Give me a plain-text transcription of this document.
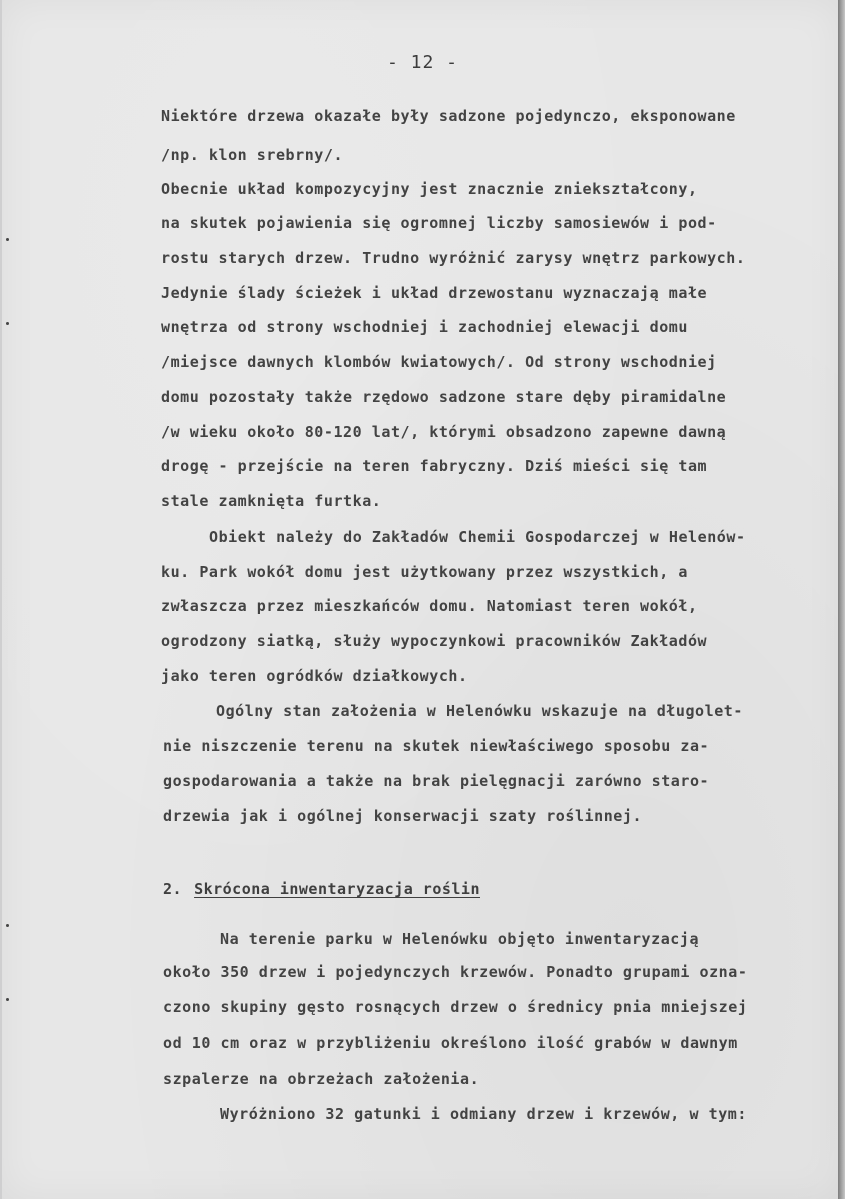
- 12 -
Niektóre drzewa okazałe były sadzone pojedynczo, eksponowane
/np. klon srebrny/.
Obecnie układ kompozycyjny jest znacznie zniekształcony,
na skutek pojawienia się ogromnej liczby samosiewów i pod-
rostu starych drzew. Trudno wyróżnić zarysy wnętrz parkowych.
Jedynie ślady ścieżek i układ drzewostanu wyznaczają małe
wnętrza od strony wschodniej i zachodniej elewacji domu
/miejsce dawnych klombów kwiatowych/. Od strony wschodniej
domu pozostały także rzędowo sadzone stare dęby piramidalne
/w wieku około 80-120 lat/, którymi obsadzono zapewne dawną
drogę - przejście na teren fabryczny. Dziś mieści się tam
stale zamknięta furtka.
Obiekt należy do Zakładów Chemii Gospodarczej w Helenów-
ku. Park wokół domu jest użytkowany przez wszystkich, a
zwłaszcza przez mieszkańców domu. Natomiast teren wokół,
ogrodzony siatką, służy wypoczynkowi pracowników Zakładów
jako teren ogródków działkowych.
Ogólny stan założenia w Helenówku wskazuje na długolet-
nie niszczenie terenu na skutek niewłaściwego sposobu za-
gospodarowania a także na brak pielęgnacji zarówno staro-
drzewia jak i ogólnej konserwacji szaty roślinnej.
2. Skrócona inwentaryzacja roślin
Na terenie parku w Helenówku objęto inwentaryzacją
około 350 drzew i pojedynczych krzewów. Ponadto grupami ozna-
czono skupiny gęsto rosnących drzew o średnicy pnia mniejszej
od 10 cm oraz w przybliżeniu określono ilość grabów w dawnym
szpalerze na obrzeżach założenia.
Wyróżniono 32 gatunki i odmiany drzew i krzewów, w tym:
